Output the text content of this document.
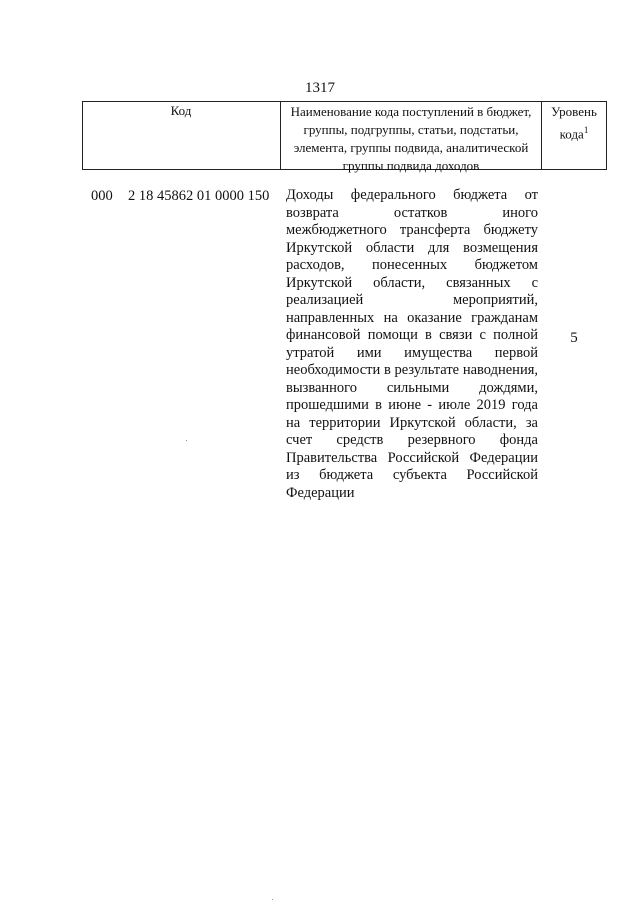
1317
Код	Наименование кода поступлений в бюджет, группы, подгруппы, статьи, подстатьи, элемента, группы подвида, аналитической группы подвида доходов
Уровень кода$^1$
000 2 18 45862 01 0000 150 Доходы федерального бюджета от возврата остатков иного межбюджетного трансферта бюджету Иркутской области для возмещения расходов, понесенных бюджетом Иркутской области, связанных с реализацией мероприятий, направленных на оказание гражданам финансовой помощи в связи с полной утратой ими имущества первой необходимости в результате наводнения, вызванного сильными дождями, прошедшими в июне - июле 2019 года на территории Иркутской области, за счет средств резервного фонда Правительства Российской Федерации из бюджета субъекта Российской Федерации
5
